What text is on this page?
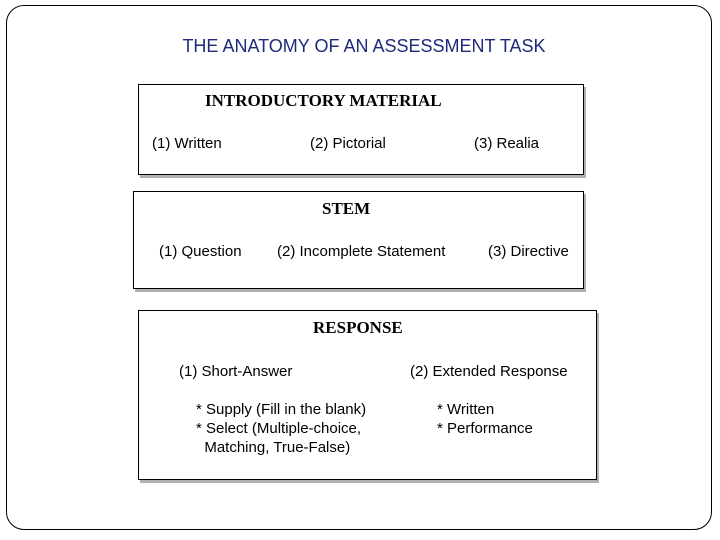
THE ANATOMY OF AN ASSESSMENT TASK
INTRODUCTORY MATERIAL
(1) Written	(2) Pictorial	(3) Realia
STEM
(1) Question (2) Incomplete Statement	(3) Directive
RESPONSE
(1) Short-Answer	(2) Extended Response
* Supply (Fill in the blank)
* Select (Multiple-choice,
Matching, True-False)
* Written
* Performance
